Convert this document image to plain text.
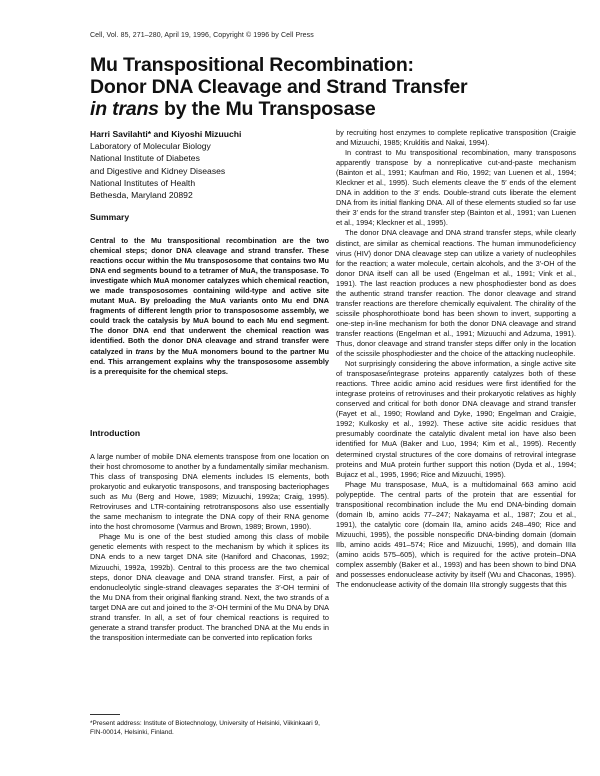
Cell, Vol. 85, 271–280, April 19, 1996, Copyright © 1996 by Cell Press
Mu Transpositional Recombination:
Donor DNA Cleavage and Strand Transfer
in trans by the Mu Transposase
Harri Savilahti* and Kiyoshi Mizuuchi
Laboratory of Molecular Biology
National Institute of Diabetes
and Digestive and Kidney Diseases
National Institutes of Health
Bethesda, Maryland 20892
Summary
Central to the Mu transpositional recombination are the two chemical steps; donor DNA cleavage and strand transfer. These reactions occur within the Mu transpososome that contains two Mu DNA end segments bound to a tetramer of MuA, the transposase. To investigate which MuA monomer catalyzes which chemical reaction, we made transpososomes containing wild-type and active site mutant MuA. By preloading the MuA variants onto Mu end DNA fragments of different length prior to transpososome assembly, we could track the catalysis by MuA bound to each Mu end segment. The donor DNA end that underwent the chemical reaction was identified. Both the donor DNA cleavage and strand transfer were catalyzed in trans by the MuA monomers bound to the partner Mu end. This arrangement explains why the transpososome assembly is a prerequisite for the chemical steps.
Introduction

A large number of mobile DNA elements transpose from one location on their host chromosome to another by a fundamentally similar mechanism. This class of transposing DNA elements includes IS elements, both prokaryotic and eukaryotic transposons, and transposing bacteriophages such as Mu (Berg and Howe, 1989; Mizuuchi, 1992a; Craig, 1995). Retroviruses and LTR-containing retrotransposons also use essentially the same mechanism to integrate the DNA copy of their RNA genome into the host chromosome (Varmus and Brown, 1989; Brown, 1990).

Phage Mu is one of the best studied among this class of mobile genetic elements with respect to the mechanism by which it splices its DNA ends to a new target DNA site (Haniford and Chaconas, 1992; Mizuuchi, 1992a, 1992b). Central to this process are the two chemical steps, donor DNA cleavage and DNA strand transfer. First, a pair of endonucleolytic single-strand cleavages separates the 3′-OH termini of the Mu DNA from their original flanking strand. Next, the two strands of a target DNA are cut and joined to the 3′-OH termini of the Mu DNA by DNA strand transfer. In all, a set of four chemical reactions is required to generate a strand transfer product. The branched DNA at the Mu ends in the transposition intermediate can be converted into replication forks

*Present address: Institute of Biotechnology, University of Helsinki, Viikinkaari 9, FIN-00014, Helsinki, Finland.

by recruiting host enzymes to complete replicative transposition (Craigie and Mizuuchi, 1985; Kruklitis and Nakai, 1994).

In contrast to Mu transpositional recombination, many transposons apparently transpose by a nonreplicative cut-and-paste mechanism (Bainton et al., 1991; Kaufman and Rio, 1992; van Luenen et al., 1994; Kleckner et al., 1995). Such elements cleave the 5′ ends of the element DNA in addition to the 3′ ends. Double-strand cuts liberate the element DNA from its initial flanking DNA. All of these elements studied so far use their 3′ ends for the strand transfer step (Bainton et al., 1991; van Luenen et al., 1994; Kleckner et al., 1995).

The donor DNA cleavage and DNA strand transfer steps, while clearly distinct, are similar as chemical reactions. The human immunodeficiency virus (HIV) donor DNA cleavage step can utilize a variety of nucleophiles for the reaction; a water molecule, certain alcohols, and the 3′-OH of the donor DNA itself can all be used (Engelman et al., 1991; Vink et al., 1991). The last reaction produces a new phosphodiester bond as does the authentic strand transfer reaction. The donor cleavage and strand transfer reactions are therefore chemically equivalent. The chirality of the scissile phosphorothioate bond has been shown to invert, supporting a one-step in-line mechanism for both the donor DNA cleavage and strand transfer reactions (Engelman et al., 1991; Mizuuchi and Adzuma, 1991). Thus, donor cleavage and strand transfer steps differ only in the location of the scissile phosphodiester and the choice of the attacking nucleophile.

Not surprisingly considering the above information, a single active site of transposase/integrase proteins apparently catalyzes both of these reactions. Three acidic amino acid residues were first identified for the integrase proteins of retroviruses and their prokaryotic relatives as highly conserved and critical for both donor DNA cleavage and strand transfer (Fayet et al., 1990; Rowland and Dyke, 1990; Engelman and Craigie, 1992; Kulkosky et al., 1992). These active site acidic residues that presumably coordinate the catalytic divalent metal ion have also been identified for MuA (Baker and Luo, 1994; Kim et al., 1995). Recently determined crystal structures of the core domains of retroviral integrase proteins and MuA protein further support this notion (Dyda et al., 1994; Bujacz et al., 1995, 1996; Rice and Mizuuchi, 1995).

Phage Mu transposase, MuA, is a multidomainal 663 amino acid polypeptide. The central parts of the protein that are essential for transpositional recombination include the Mu end DNA-binding domain (domain Ib, amino acids 77–247; Nakayama et al., 1987; Zou et al., 1991), the catalytic core (domain IIa, amino acids 248–490; Rice and Mizuuchi, 1995), the possible nonspecific DNA-binding domain (domain IIb, amino acids 491–574; Rice and Mizuuchi, 1995), and domain IIIa (amino acids 575–605), which is required for the active protein–DNA complex assembly (Baker et al., 1993) and has been shown to bind DNA and possesses endonuclease activity by itself (Wu and Chaconas, 1995). The endonuclease activity of the domain IIIa strongly suggests that this
